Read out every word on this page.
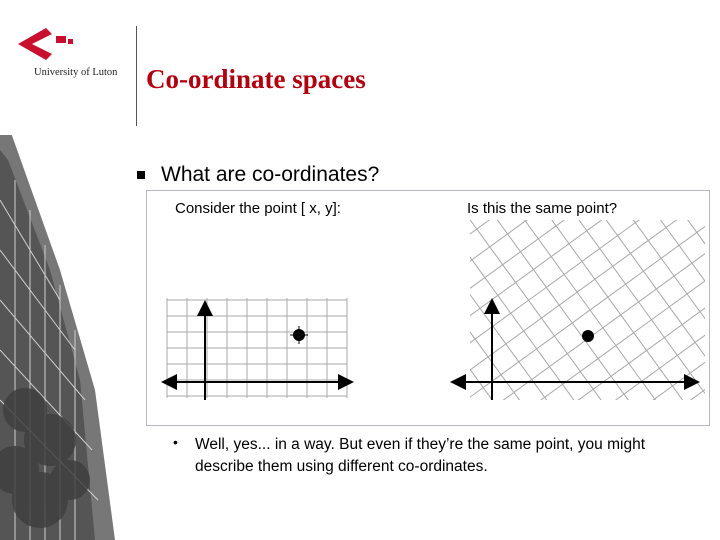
University of Luton Co-ordinate spaces
What are co-ordinates?
Consider the point [ x, y]:	Is this the same point?
• Well, yes... in a way. But even if they’re the same point, you might describe them using different co-ordinates.
